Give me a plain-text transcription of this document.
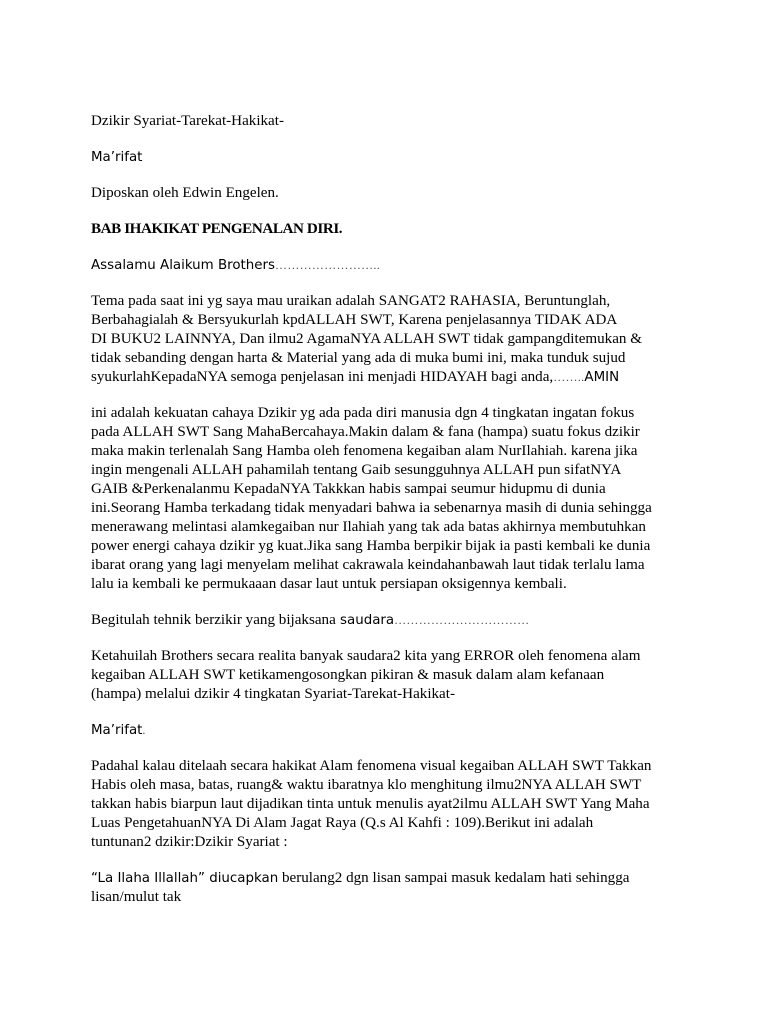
Dzikir Syariat-Tarekat-Hakikat-
Ma’rifat
Diposkan oleh Edwin Engelen.
BAB IHAKIKAT PENGENALAN DIRI.
Assalamu Alaikum Brothers……………………..
Tema pada saat ini yg saya mau uraikan adalah SANGAT2 RAHASIA, Beruntunglah,
Berbahagialah & Bersyukurlah kpdALLAH SWT, Karena penjelasannya TIDAK ADA
DI BUKU2 LAINNYA, Dan ilmu2 AgamaNYA ALLAH SWT tidak gampangditemukan &
tidak sebanding dengan harta & Material yang ada di muka bumi ini, maka tunduk sujud
syukurlahKepadaNYA semoga penjelasan ini menjadi HIDAYAH bagi anda,……..AMIN
ini adalah kekuatan cahaya Dzikir yg ada pada diri manusia dgn 4 tingkatan ingatan fokus
pada ALLAH SWT Sang MahaBercahaya.Makin dalam & fana (hampa) suatu fokus dzikir
maka makin terlenalah Sang Hamba oleh fenomena kegaiban alam NurIlahiah. karena jika
ingin mengenali ALLAH pahamilah tentang Gaib sesungguhnya ALLAH pun sifatNYA
GAIB &Perkenalanmu KepadaNYA Takkkan habis sampai seumur hidupmu di dunia
ini.Seorang Hamba terkadang tidak menyadari bahwa ia sebenarnya masih di dunia sehingga
menerawang melintasi alamkegaiban nur Ilahiah yang tak ada batas akhirnya membutuhkan
power energi cahaya dzikir yg kuat.Jika sang Hamba berpikir bijak ia pasti kembali ke dunia
ibarat orang yang lagi menyelam melihat cakrawala keindahanbawah laut tidak terlalu lama
lalu ia kembali ke permukaaan dasar laut untuk persiapan oksigennya kembali.
Begitulah tehnik berzikir yang bijaksana saudara……………………………
Ketahuilah Brothers secara realita banyak saudara2 kita yang ERROR oleh fenomena alam
kegaiban ALLAH SWT ketikamengosongkan pikiran & masuk dalam alam kefanaan
(hampa) melalui dzikir 4 tingkatan Syariat-Tarekat-Hakikat-
Ma’rifat.
Padahal kalau ditelaah secara hakikat Alam fenomena visual kegaiban ALLAH SWT Takkan
Habis oleh masa, batas, ruang& waktu ibaratnya klo menghitung ilmu2NYA ALLAH SWT
takkan habis biarpun laut dijadikan tinta untuk menulis ayat2ilmu ALLAH SWT Yang Maha
Luas PengetahuanNYA Di Alam Jagat Raya (Q.s Al Kahfi : 109).Berikut ini adalah
tuntunan2 dzikir:Dzikir Syariat :
“La Ilaha Illallah” diucapkan berulang2 dgn lisan sampai masuk kedalam hati sehingga
lisan/mulut tak
